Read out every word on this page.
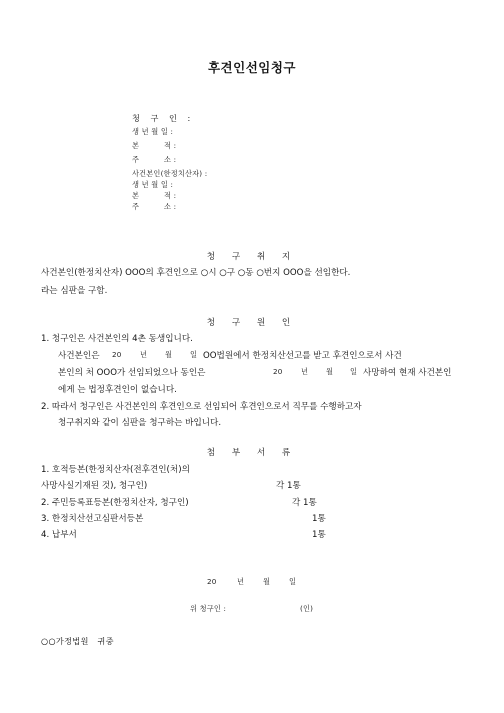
후견인선임청구
청 구 인 :
생 년 월 일 :
본          적 :
주          소 :
사건본인(한정치산자) :
생 년 월 일 :
본          적 :
주          소 :
청 구 취 지
사건본인(한정치산자) OOO의 후견인으로 ○시 ○구 ○동 ○번지 OOO을 선임한다.
라는 심판을 구함.
청 구 원 인
1. 청구인은 사건본인의 4촌 동생입니다.
사건본인은 20	년 월 일 OO법원에서 한정치산선고를 받고 후견인으로서 사건
본인의 처 OOO가 선임되었으나 동인은	20	년 월 일 사망하여 현재 사건본인
에게 는 법정후견인이 없습니다.
2. 따라서 청구인은 사건본인의 후견인으로 선임되어 후견인으로서 직무를 수행하고자
청구취지와 같이 심판을 청구하는 바입니다.
첨 부 서 류
1. 호적등본(한정치산자(전후견인(처)의
사망사실기재된 것), 청구인)	각 1통
2. 주민등록표등본(한정치산자, 청구인)	각 1통
3. 한정치산선고심판서등본	1통
4. 납부서	1통
20	년	월	일
위 청구인 :	(인)
○○가정법원   귀중
